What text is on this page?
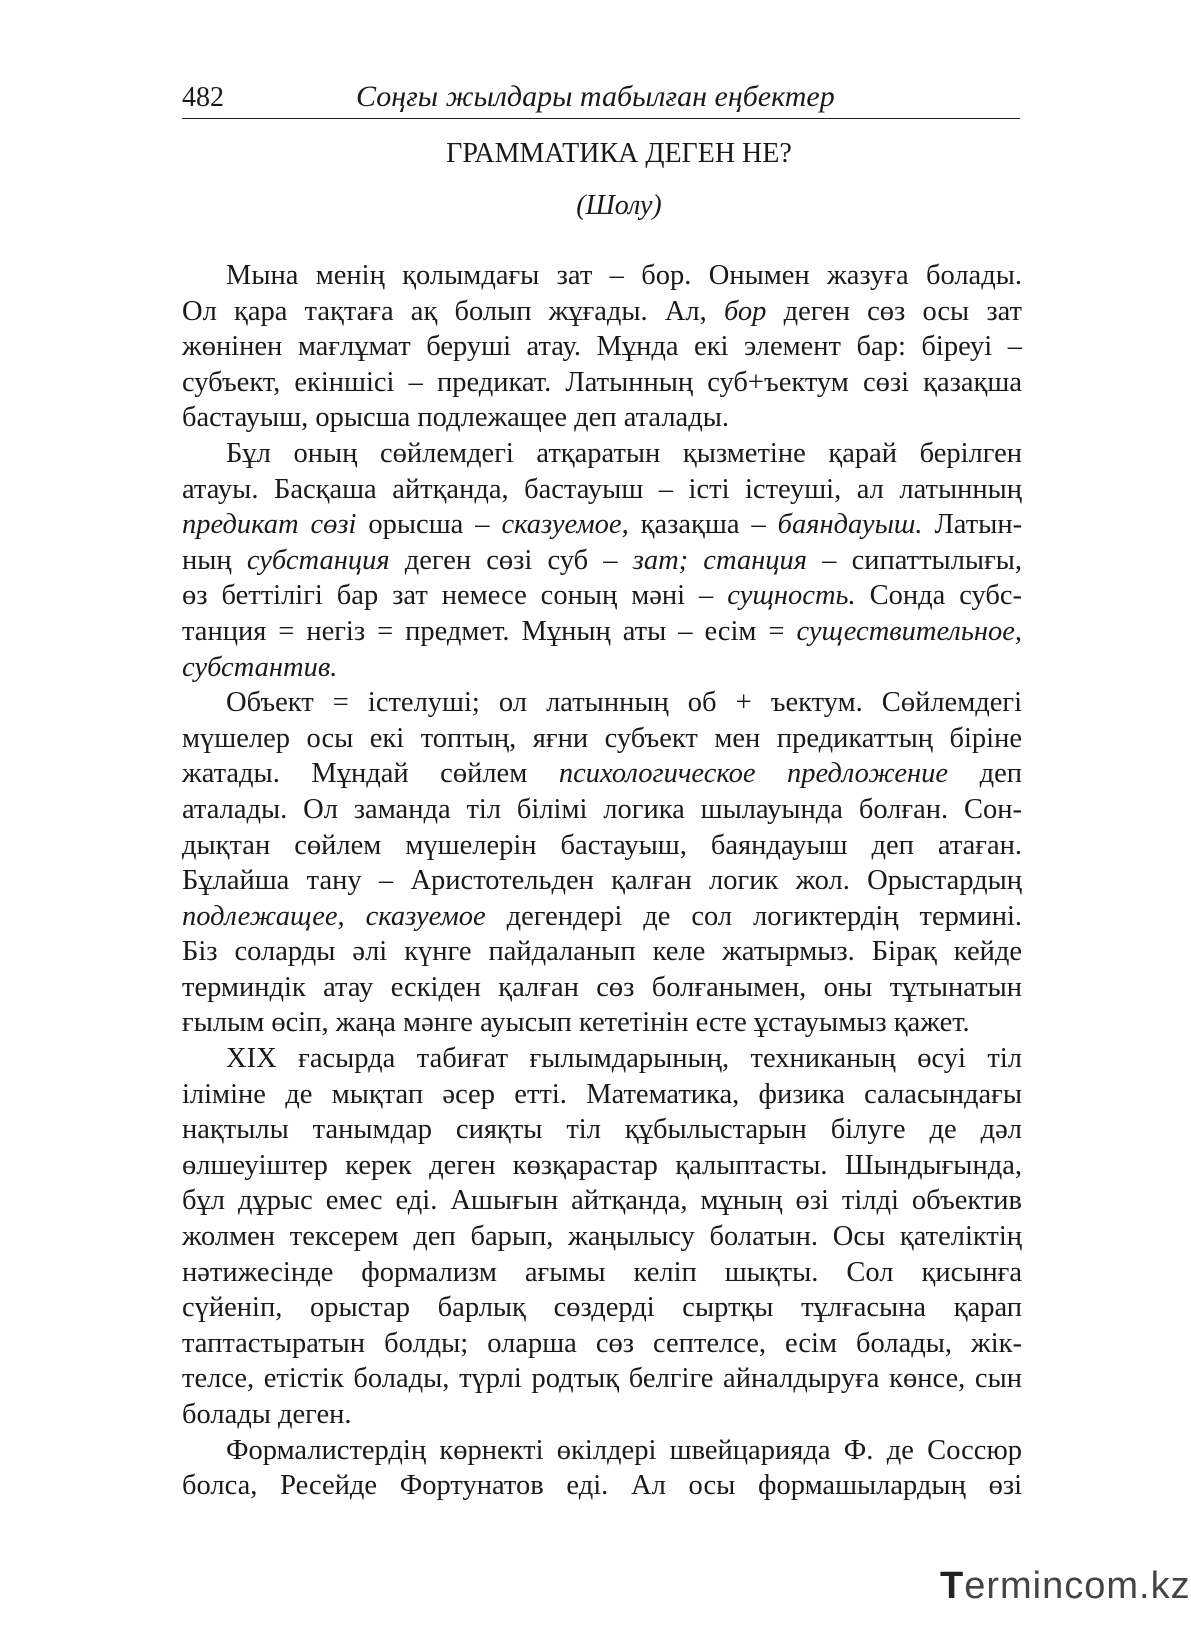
482	Соңғы жылдары табылған еңбектер
ГРАММАТИКА ДЕГЕН НЕ?
(Шолу)
Мына менің қолымдағы зат – бор. Онымен жазуға болады.
Ол қара тақтаға ақ болып жұғады. Ал, бор деген сөз осы зат
жөнінен мағлұмат беруші атау. Мұнда екі элемент бар: біреуі –
субъект, екіншісі – предикат. Латынның суб+ъектум сөзі қазақша
бастауыш, орысша подлежащее деп аталады.
Бұл оның сөйлемдегі атқаратын қызметіне қарай берілген
атауы. Басқаша айтқанда, бастауыш – істі істеуші, ал латынның
предикат сөзі орысша – сказуемое, қазақша – баяндауыш. Латын-
ның субстанция деген сөзі суб – зат; станция – сипаттылығы,
өз беттілігі бар зат немесе соның мәні – сущность. Сонда субс-
танция = негіз = предмет. Мұның аты – есім = существительное,
субстантив.
Объект = істелуші; ол латынның об + ъектум. Сөйлемдегі
мүшелер осы екі топтың, яғни субъект мен предикаттың біріне
жатады. Мұндай сөйлем психологическое предложение деп
аталады. Ол заманда тіл білімі логика шылауында болған. Сон-
дықтан сөйлем мүшелерін бастауыш, баяндауыш деп атаған.
Бұлайша тану – Аристотельден қалған логик жол. Орыстардың
подлежащее, сказуемое дегендері де сол логиктердің термині.
Біз соларды әлі күнге пайдаланып келе жатырмыз. Бірақ кейде
терминдік атау ескіден қалған сөз болғанымен, оны тұтынатын
ғылым өсіп, жаңа мәнге ауысып кететінін есте ұстауымыз қажет.
XIX ғасырда табиғат ғылымдарының, техниканың өсуі тіл
іліміне де мықтап әсер етті. Математика, физика саласындағы
нақтылы танымдар сияқты тіл құбылыстарын білуге де дәл
өлшеуіштер керек деген көзқарастар қалыптасты. Шындығында,
бұл дұрыс емес еді. Ашығын айтқанда, мұның өзі тілді объектив
жолмен тексерем деп барып, жаңылысу болатын. Осы қателіктің
нәтижесінде формализм ағымы келіп шықты. Сол қисынға
сүйеніп, орыстар барлық сөздерді сыртқы тұлғасына қарап
таптастыратын болды; оларша сөз септелсе, есім болады, жік-
телсе, етістік болады, түрлі родтық белгіге айналдыруға көнсе, сын
болады деген.
Формалистердің көрнекті өкілдері швейцарияда Ф. де Соссюр
болса, Ресейде Фортунатов еді. Ал осы формашылардың өзі
Termincоm.kz
